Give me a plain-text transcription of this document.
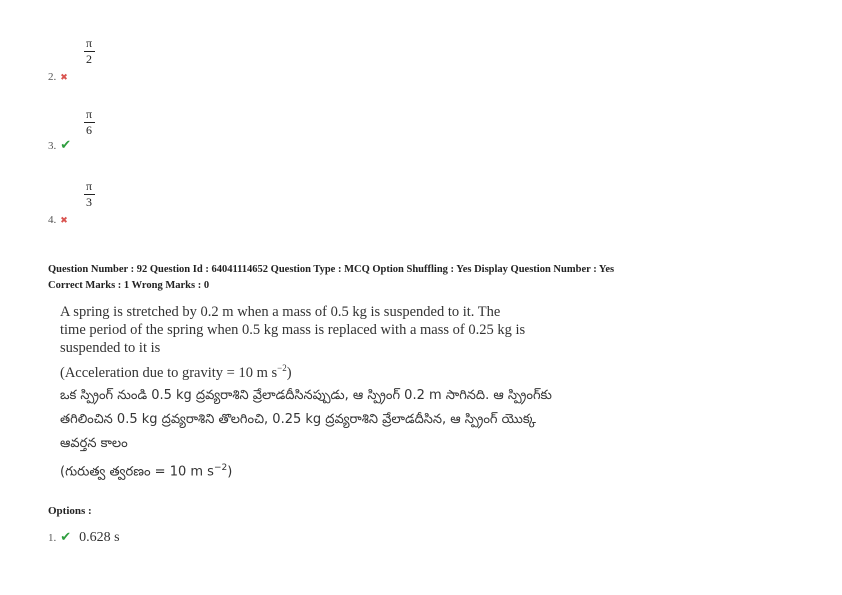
π
2
2. ✖
π
6
3. ✔
π
3
4. ✖
Question Number : 92 Question Id : 64041114652 Question Type : MCQ Option Shuffling : Yes Display Question Number : Yes
Correct Marks : 1 Wrong Marks : 0
A spring is stretched by 0.2 m when a mass of 0.5 kg is suspended to it. The
time period of the spring when 0.5 kg mass is replaced with a mass of 0.25 kg is
suspended to it is
(Acceleration due to gravity = 10 m $s^{-2}$)
ఒక స్ప్రింగ్ నుండి 0.5 kg ద్రవ్యరాశిని వ్రేలాడదీసినప్పుడు, ఆ స్ప్రింగ్ 0.2 m సాగినది. ఆ స్ప్రింగ్‌కు
తగిలించిన 0.5 kg ద్రవ్యరాశిని తొలగించి, 0.25 kg ద్రవ్యరాశిని వ్రేలాడదీసిన, ఆ స్ప్రింగ్ యొక్క
ఆవర్తన కాలం
(గురుత్వ త్వరణం = 10 m $s^{-2}$)
Options :
1. ✔ 0.628 s
